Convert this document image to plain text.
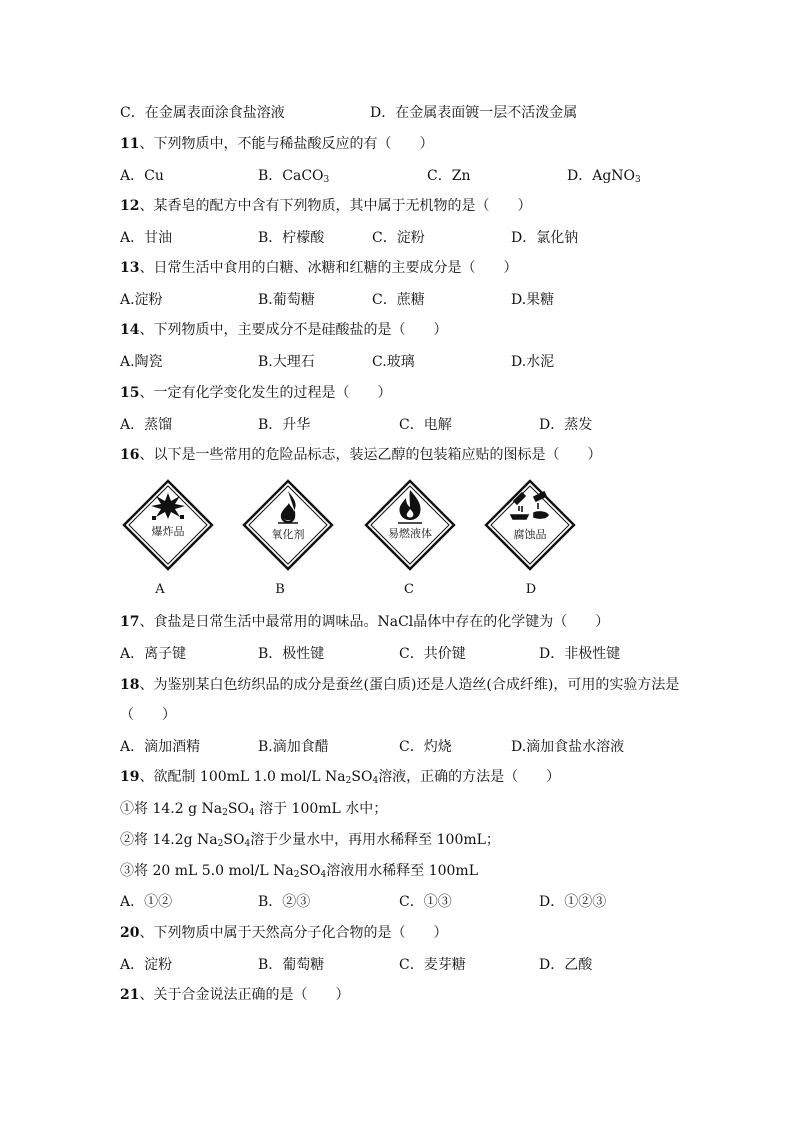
C．在金属表面涂食盐溶液	D．在金属表面镀一层不活泼金属
11、下列物质中，不能与稀盐酸反应的有（　　）
A．Cu	B．CaCO$_3$	C．Zn	D．AgNO$_3$
12、某香皂的配方中含有下列物质，其中属于无机物的是（　　）
A．甘油	B．柠檬酸	C．淀粉	D．氯化钠
13、日常生活中食用的白糖、冰糖和红糖的主要成分是（　　）
A.淀粉	B.葡萄糖	C．蔗糖	D.果糖
14、下列物质中，主要成分不是硅酸盐的是（　　）
A.陶瓷	B.大理石	C.玻璃	D.水泥
15、一定有化学变化发生的过程是（　　）
A．蒸馏	B．升华	C．电解	D．蒸发
16、以下是一些常用的危险品标志，装运乙醇的包装箱应贴的图标是（　　）
爆炸品
A
氧化剂
B
易燃液体
C
腐蚀品
D
17、食盐是日常生活中最常用的调味品。NaCl晶体中存在的化学键为（　　）
A．离子键	B．极性键	C．共价键	D．非极性键
18、为鉴别某白色纺织品的成分是蚕丝(蛋白质)还是人造丝(合成纤维)，可用的实验方法是
（　　）
A．滴加酒精	B.滴加食醋	C．灼烧	D.滴加食盐水溶液
19、欲配制 100mL 1.0 mol/L $Na_2SO_4$溶液，正确的方法是（　　）
①将 14.2 g $Na_2SO_4$ 溶于 100mL 水中；
②将 14.2g $Na_2SO_4$溶于少量水中，再用水稀释至 100mL；
③将 20 mL 5.0 mol/L $Na_2SO_4$溶液用水稀释至 100mL
A．①②	B．②③	C．①③	D．①②③
20、下列物质中属于天然高分子化合物的是（　　）
A．淀粉	B．葡萄糖	C．麦芽糖	D．乙酸
21、关于合金说法正确的是（　　）
